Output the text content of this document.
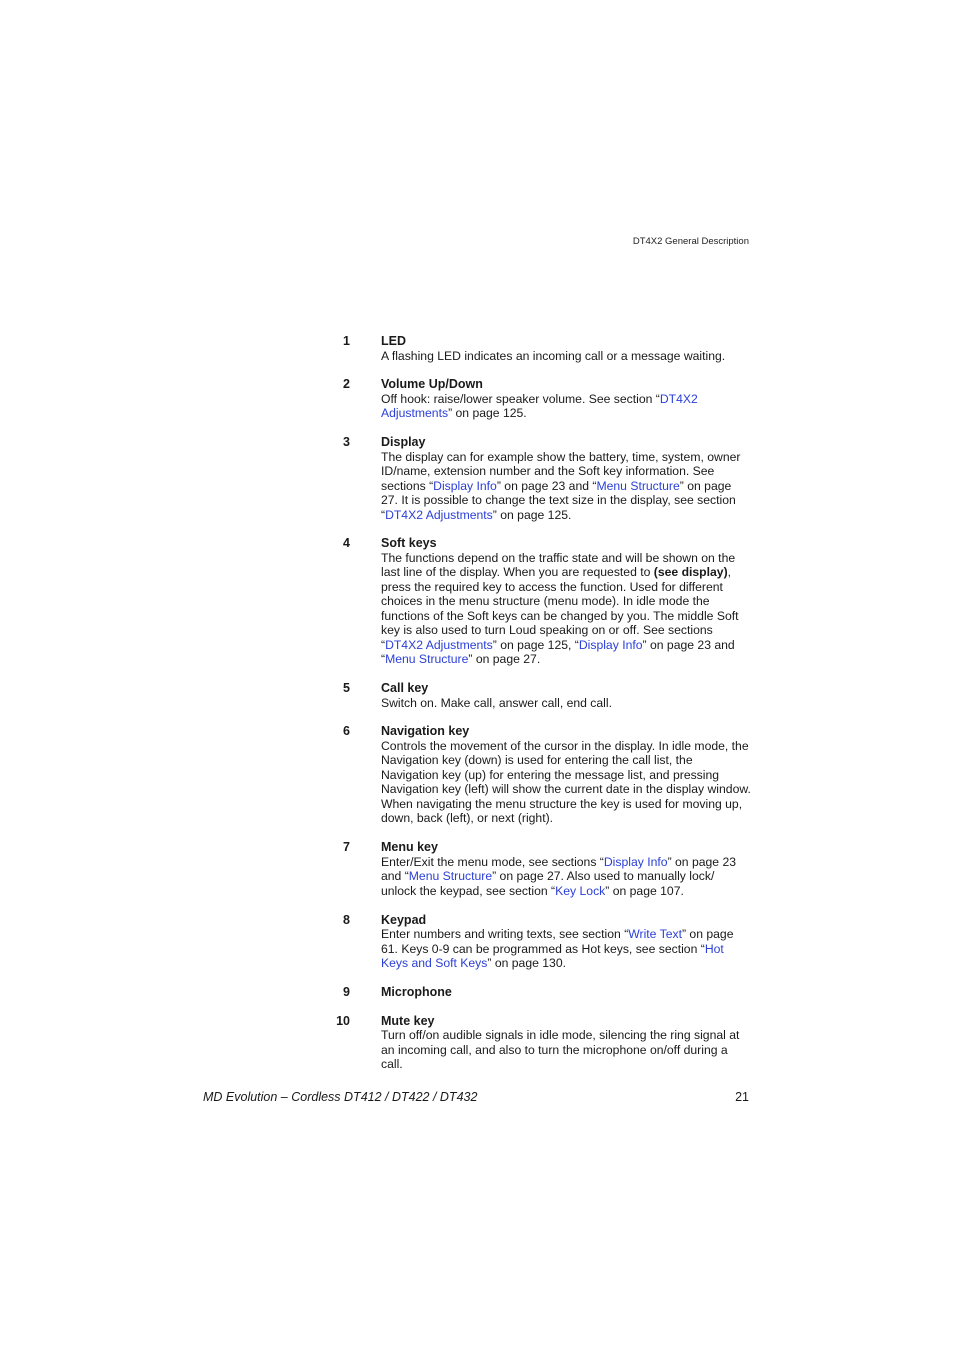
DT4X2 General Description
1 LED
A flashing LED indicates an incoming call or a message waiting.
2 Volume Up/Down
Off hook: raise/lower speaker volume. See section “DT4X2 Adjustments” on page 125.
3 Display
The display can for example show the battery, time, system, owner ID/name, extension number and the Soft key information. See sections “Display Info” on page 23 and “Menu Structure” on page 27. It is possible to change the text size in the display, see section “DT4X2 Adjustments” on page 125.
4 Soft keys
The functions depend on the traffic state and will be shown on the last line of the display. When you are requested to (see display), press the required key to access the function. Used for different choices in the menu structure (menu mode). In idle mode the functions of the Soft keys can be changed by you. The middle Soft key is also used to turn Loud speaking on or off. See sections “DT4X2 Adjustments” on page 125, “Display Info” on page 23 and “Menu Structure” on page 27.
5 Call key
Switch on. Make call, answer call, end call.
6 Navigation key
Controls the movement of the cursor in the display. In idle mode, the Navigation key (down) is used for entering the call list, the Navigation key (up) for entering the message list, and pressing Navigation key (left) will show the current date in the display window. When navigating the menu structure the key is used for moving up, down, back (left), or next (right).
7 Menu key
Enter/Exit the menu mode, see sections “Display Info” on page 23 and “Menu Structure” on page 27. Also used to manually lock/ unlock the keypad, see section “Key Lock” on page 107.
8 Keypad
Enter numbers and writing texts, see section “Write Text” on page 61. Keys 0-9 can be programmed as Hot keys, see section “Hot Keys and Soft Keys” on page 130.
9 Microphone
10 Mute key
Turn off/on audible signals in idle mode, silencing the ring signal at an incoming call, and also to turn the microphone on/off during a call.
MD Evolution – Cordless DT412 / DT422 / DT432	21
